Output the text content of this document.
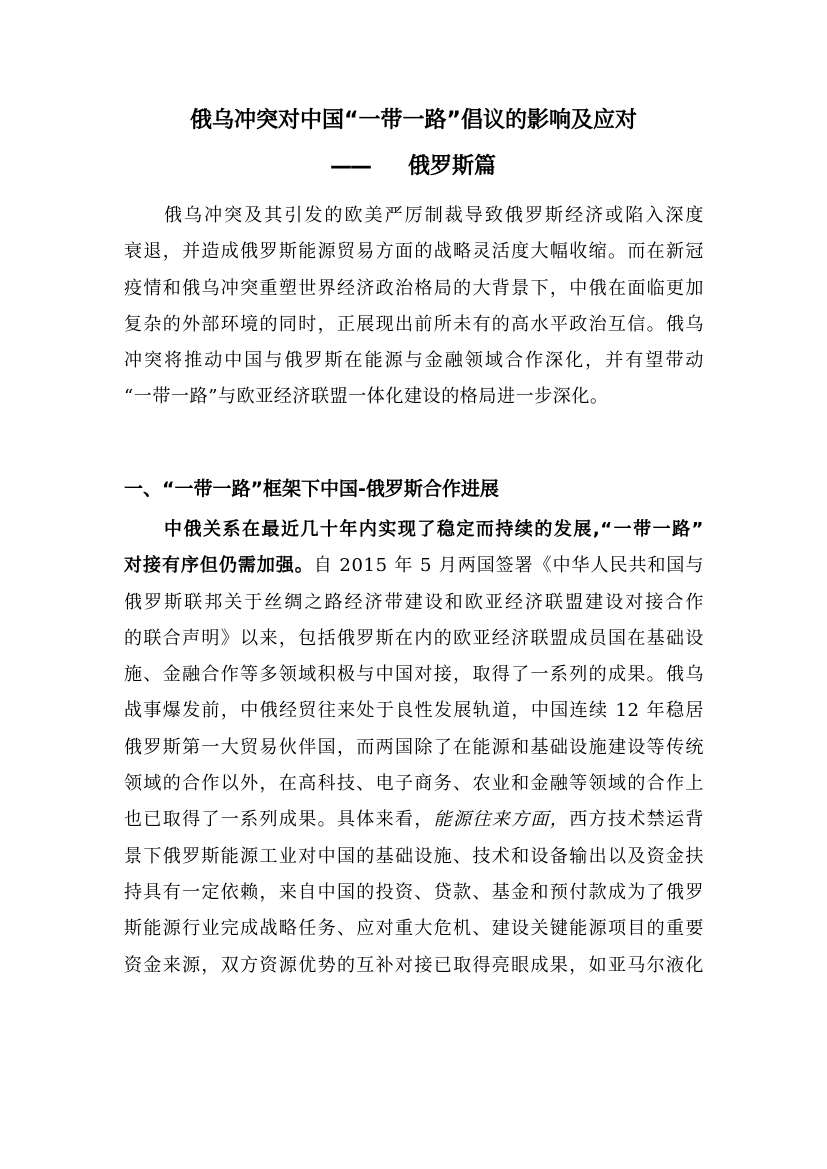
俄乌冲突对中国“一带一路”倡议的影响及应对
—— 俄罗斯篇
俄乌冲突及其引发的欧美严厉制裁导致俄罗斯经济或陷入深度
衰退，并造成俄罗斯能源贸易方面的战略灵活度大幅收缩。而在新冠
疫情和俄乌冲突重塑世界经济政治格局的大背景下，中俄在面临更加
复杂的外部环境的同时，正展现出前所未有的高水平政治互信。俄乌
冲突将推动中国与俄罗斯在能源与金融领域合作深化，并有望带动
“一带一路”与欧亚经济联盟一体化建设的格局进一步深化。
一、“一带一路”框架下中国-俄罗斯合作进展
中俄关系在最近几十年内实现了稳定而持续的发展,“一带一路”
对接有序但仍需加强。自 2015 年 5 月两国签署《中华人民共和国与
俄罗斯联邦关于丝绸之路经济带建设和欧亚经济联盟建设对接合作
的联合声明》以来，包括俄罗斯在内的欧亚经济联盟成员国在基础设
施、金融合作等多领域积极与中国对接，取得了一系列的成果。俄乌
战事爆发前，中俄经贸往来处于良性发展轨道，中国连续 12 年稳居
俄罗斯第一大贸易伙伴国，而两国除了在能源和基础设施建设等传统
领域的合作以外，在高科技、电子商务、农业和金融等领域的合作上
也已取得了一系列成果。具体来看，能源往来方面，西方技术禁运背
景下俄罗斯能源工业对中国的基础设施、技术和设备输出以及资金扶
持具有一定依赖，来自中国的投资、贷款、基金和预付款成为了俄罗
斯能源行业完成战略任务、应对重大危机、建设关键能源项目的重要
资金来源，双方资源优势的互补对接已取得亮眼成果，如亚马尔液化
